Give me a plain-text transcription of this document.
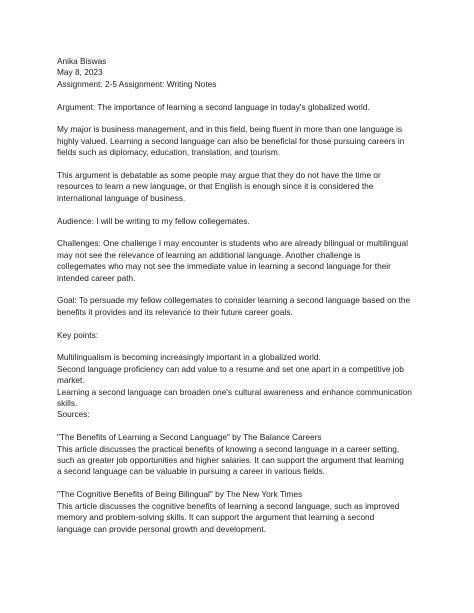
Anika Biswas
May 8, 2023
Assignment: 2-5 Assignment: Writing Notes
Argument: The importance of learning a second language in today's globalized world.
My major is business management, and in this field, being fluent in more than one language is
highly valued. Learning a second language can also be beneficial for those pursuing careers in
fields such as diplomacy, education, translation, and tourism.
This argument is debatable as some people may argue that they do not have the time or
resources to learn a new language, or that English is enough since it is considered the
international language of business.
Audience: I will be writing to my fellow collegemates.
Challenges: One challenge I may encounter is students who are already bilingual or multilingual
may not see the relevance of learning an additional language. Another challenge is
collegemates who may not see the immediate value in learning a second language for their
intended career path.
Goal: To persuade my fellow collegemates to consider learning a second language based on the
benefits it provides and its relevance to their future career goals.
Key points:
Multilingualism is becoming increasingly important in a globalized world.
Second language proficiency can add value to a resume and set one apart in a competitive job
market.
Learning a second language can broaden one's cultural awareness and enhance communication
skills.
Sources:
"The Benefits of Learning a Second Language" by The Balance Careers
This article discusses the practical benefits of knowing a second language in a career setting,
such as greater job opportunities and higher salaries. It can support the argument that learning
a second language can be valuable in pursuing a career in various fields.
"The Cognitive Benefits of Being Bilingual" by The New York Times
This article discusses the cognitive benefits of learning a second language, such as improved
memory and problem-solving skills. It can support the argument that learning a second
language can provide personal growth and development.
